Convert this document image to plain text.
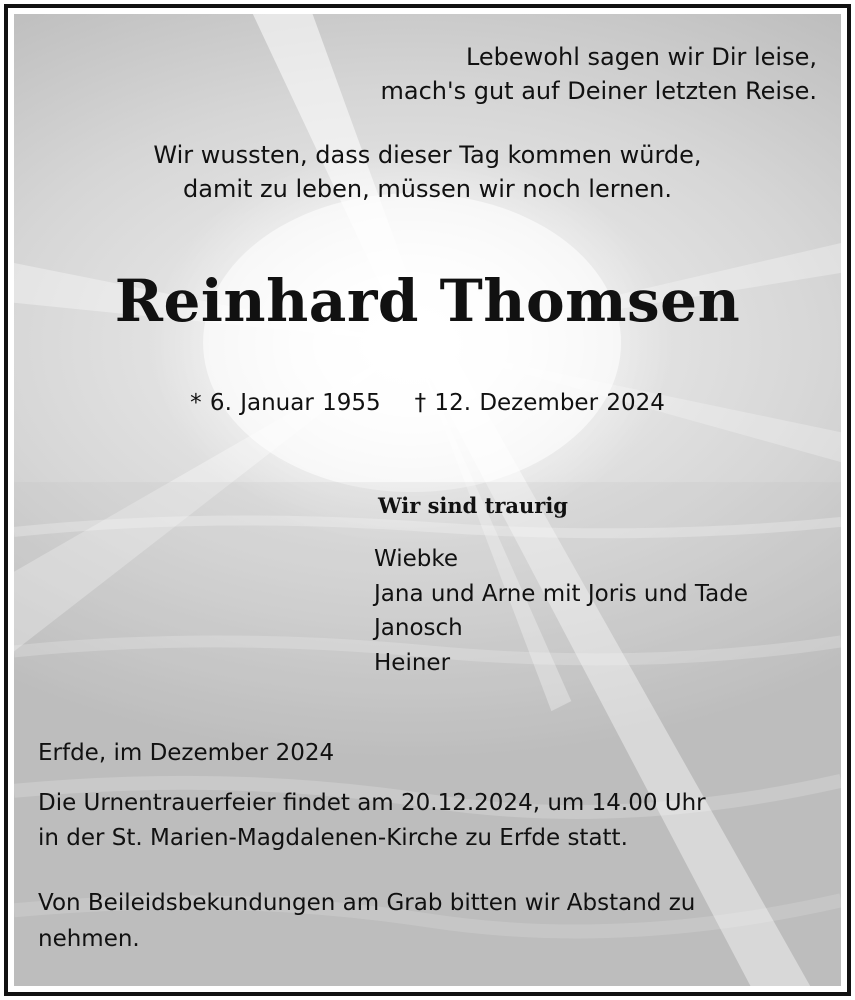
Lebewohl sagen wir Dir leise,
mach's gut auf Deiner letzten Reise.
Wir wussten, dass dieser Tag kommen würde,
damit zu leben, müssen wir noch lernen.
Reinhard Thomsen
* 6. Januar 1955 † 12. Dezember 2024
Wir sind traurig
Wiebke
Jana und Arne mit Joris und Tade
Janosch
Heiner
Erfde, im Dezember 2024
Die Urnentrauerfeier findet am 20.12.2024, um 14.00 Uhr
in der St. Marien-Magdalenen-Kirche zu Erfde statt.
Von Beileidsbekundungen am Grab bitten wir Abstand zu
nehmen.
